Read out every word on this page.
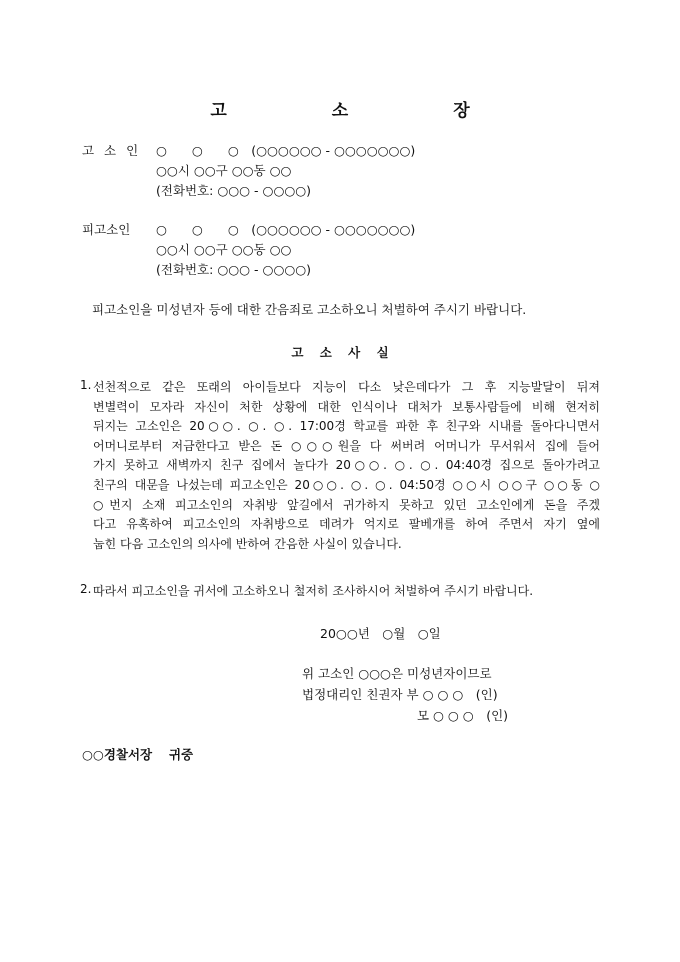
고　소　장
고 소 인	○　　○　　○　(○○○○○○ - ○○○○○○○)
○○시 ○○구 ○○동 ○○
(전화번호: ○○○ - ○○○○)
피고소인	○　　○　　○　(○○○○○○ - ○○○○○○○)
○○시 ○○구 ○○동 ○○
(전화번호: ○○○ - ○○○○)
피고소인을 미성년자 등에 대한 간음죄로 고소하오니 처벌하여 주시기 바랍니다.
고 소 사 실
1. 선천적으로 같은 또래의 아이들보다 지능이 다소 낮은데다가 그 후 지능발달이 뒤져
변별력이 모자라 자신이 처한 상황에 대한 인식이나 대처가 보통사람들에 비해 현저히
뒤지는 고소인은 20○○. ○. ○. 17:00경 학교를 파한 후 친구와 시내를 돌아다니면서
어머니로부터 저금한다고 받은 돈 ○○○원을 다 써버려 어머니가 무서워서 집에 들어
가지 못하고 새벽까지 친구 집에서 놀다가 20○○. ○. ○. 04:40경 집으로 돌아가려고
친구의 대문을 나섰는데 피고소인은 20○○. ○. ○. 04:50경 ○○시 ○○구 ○○동 ○
○번지 소재 피고소인의 자취방 앞길에서 귀가하지 못하고 있던 고소인에게 돈을 주겠
다고 유혹하여 피고소인의 자취방으로 데려가 억지로 팔베개를 하여 주면서 자기 옆에
눕힌 다음 고소인의 의사에 반하여 간음한 사실이 있습니다.
2. 따라서 피고소인을 귀서에 고소하오니 철저히 조사하시어 처벌하여 주시기 바랍니다.
20○○년　○월　○일
위 고소인 ○○○은 미성년자이므로
법정대리인 친권자 부 ○ ○ ○　(인)
모 ○ ○ ○　(인)
○○경찰서장　 귀중
